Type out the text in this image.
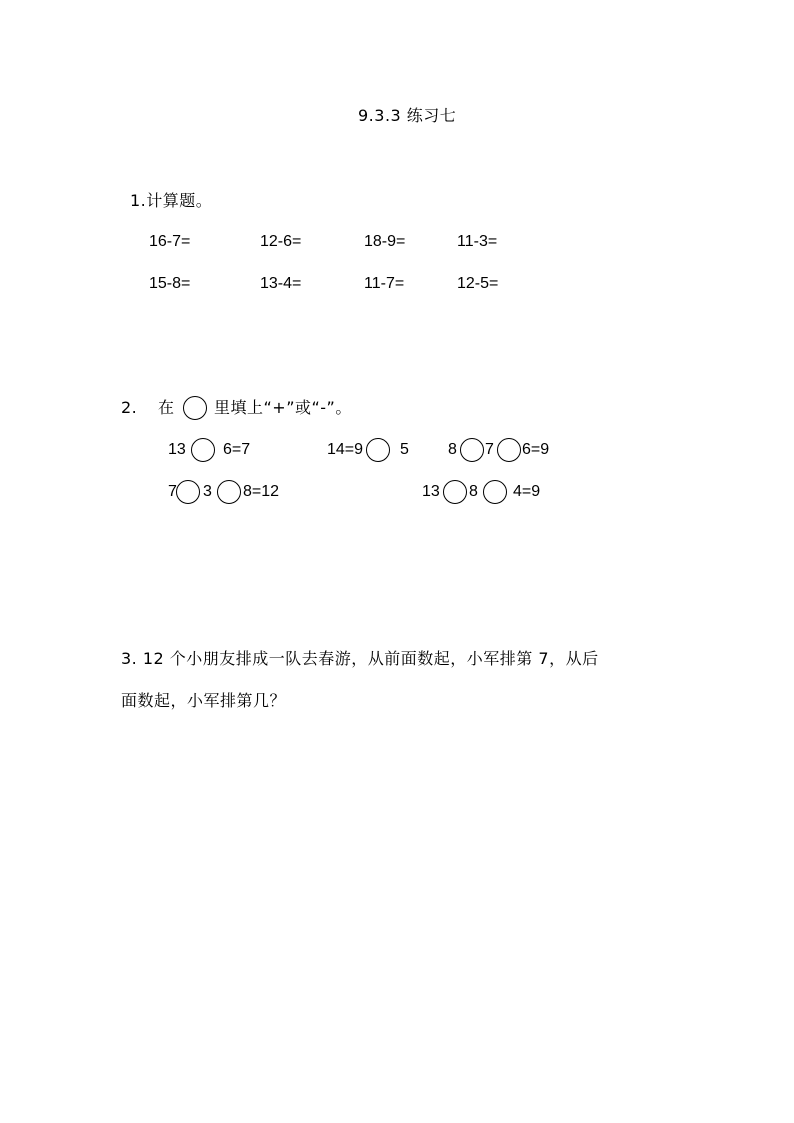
9.3.3 练习七
1.计算题。
16-7=	12-6=	18-9=	11-3=
15-8=	13-4=	11-7=	12-5=
2. 在 里填上“+”或“-”。
13 6=7	14=9 5 8 7 6=9
7 3 8=12	13 8 4=9
3. 12 个小朋友排成一队去春游，从前面数起，小军排第 7，从后
面数起，小军排第几？
